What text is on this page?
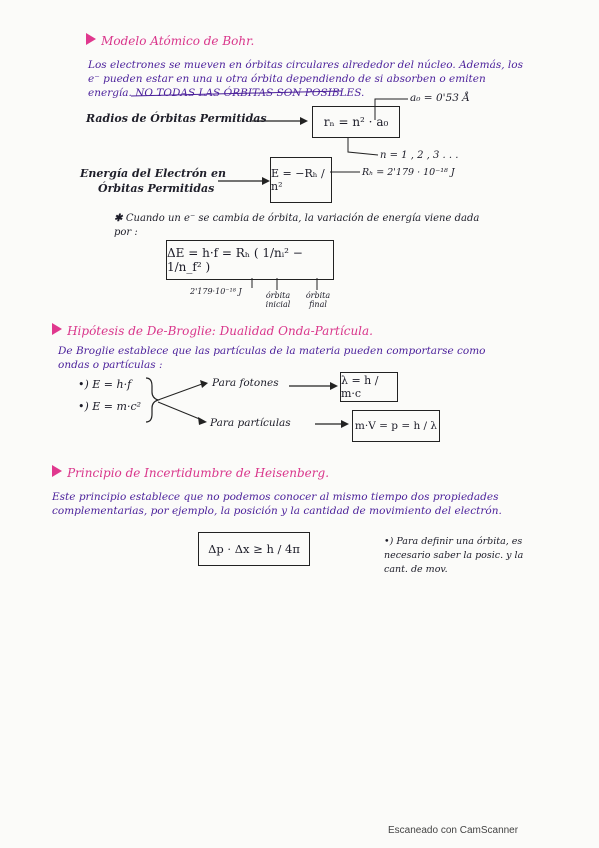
Modelo Atómico de Bohr.
Los electrones se mueven en órbitas circulares alrededor del núcleo. Además, los
e⁻ pueden estar en una u otra órbita dependiendo de si absorben o emiten
energía. NO TODAS LAS ÓRBITAS SON POSIBLES.
Radios de Órbitas Permitidas	rₙ = n² · a₀
a₀ = 0'53 Å
n = 1 , 2 , 3 . . .
Energía del Electrón en
Órbitas Permitidas
E = −Rₕ / n²
Rₕ = 2'179 · 10⁻¹⁸ J
✱ Cuando un e⁻ se cambia de órbita, la variación de energía viene dada
por :
ΔE = h·f = Rₕ ( 1/nᵢ² − 1/n_f² )
2'179·10⁻¹⁸ J	órbita inicial
órbita final
Hipótesis de De-Broglie: Dualidad Onda-Partícula.
De Broglie establece que las partículas de la materia pueden comportarse como
ondas o partículas :
•) E = h·f
•) E = m·c²
Para fotones
Para partículas
λ = h / m·c
m·V = p = h / λ
Principio de Incertidumbre de Heisenberg.
Este principio establece que no podemos conocer al mismo tiempo dos propiedades
complementarias, por ejemplo, la posición y la cantidad de movimiento del electrón.
Δp · Δx ≥ h / 4π
•) Para definir una órbita, es
necesario saber la posic. y la
cant. de mov.
Escaneado con CamScanner
